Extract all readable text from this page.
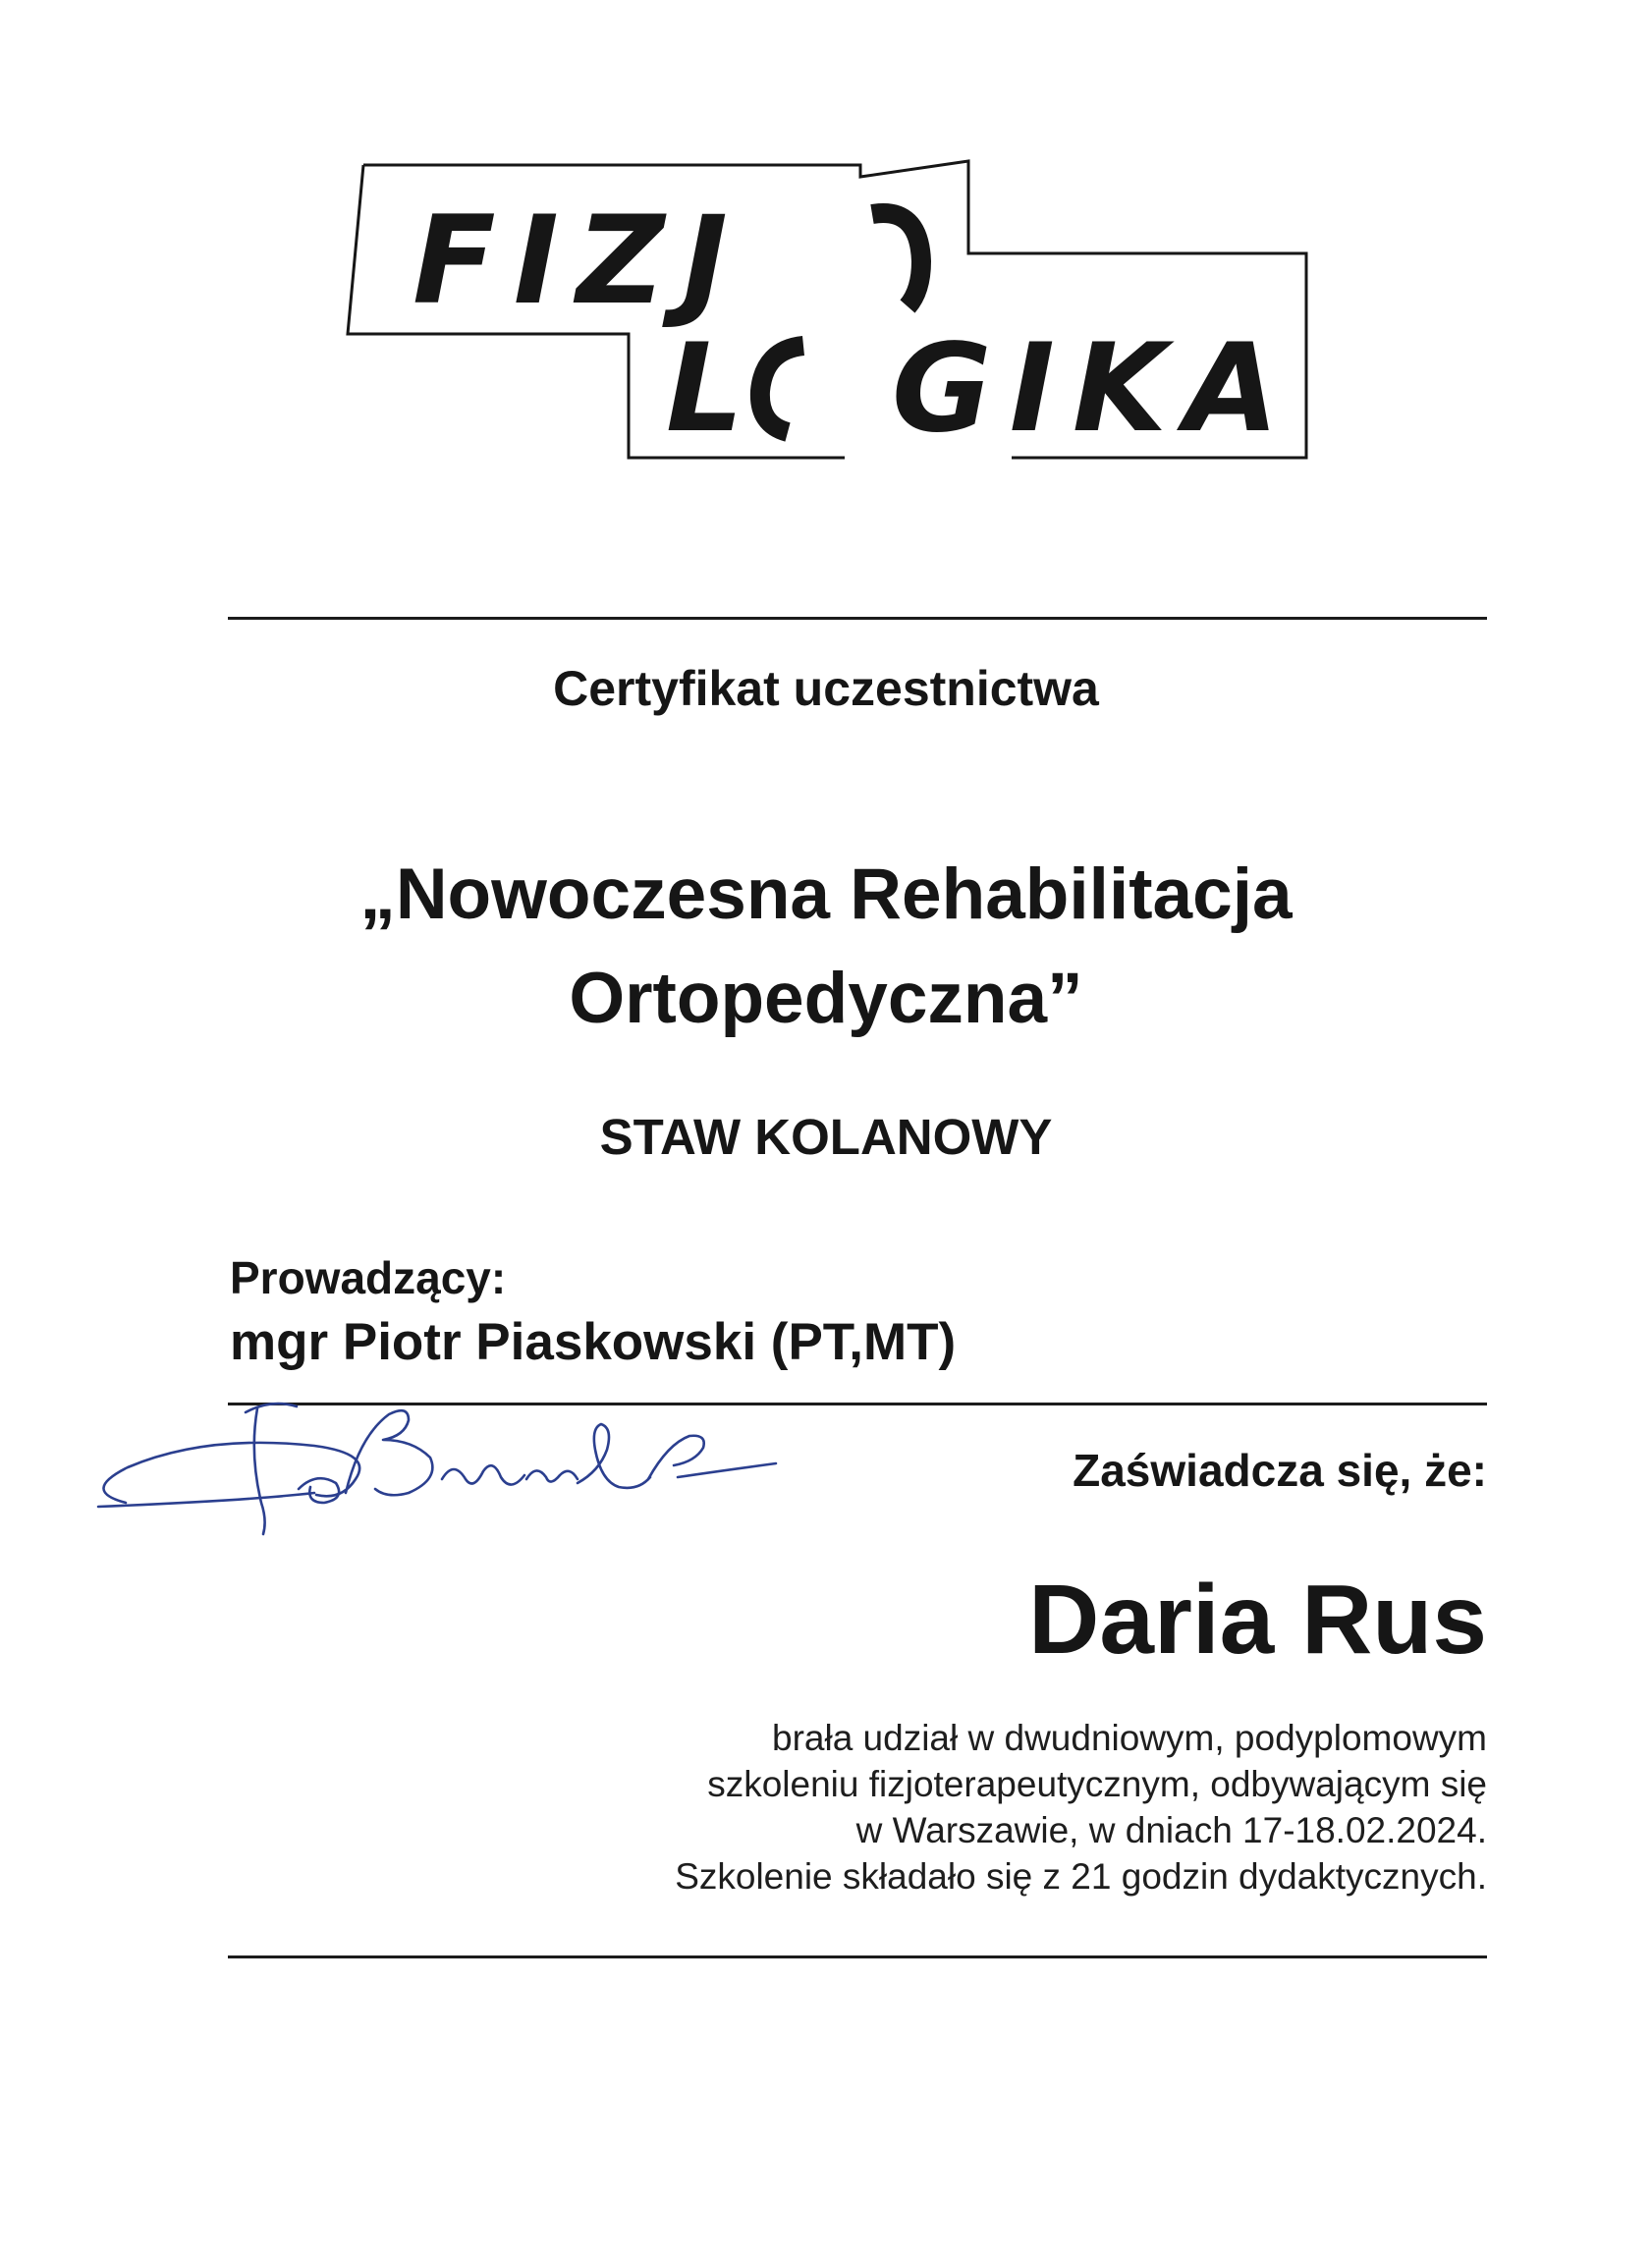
FIZJ
L GIKA
Certyfikat uczestnictwa
„Nowoczesna Rehabilitacja
Ortopedyczna”
STAW KOLANOWY
Prowadzący:
mgr Piotr Piaskowski (PT,MT)
Zaświadcza się, że:
Daria Rus
brała udział w dwudniowym, podyplomowym
szkoleniu fizjoterapeutycznym, odbywającym się
w Warszawie, w dniach 17-18.02.2024.
Szkolenie składało się z 21 godzin dydaktycznych.
